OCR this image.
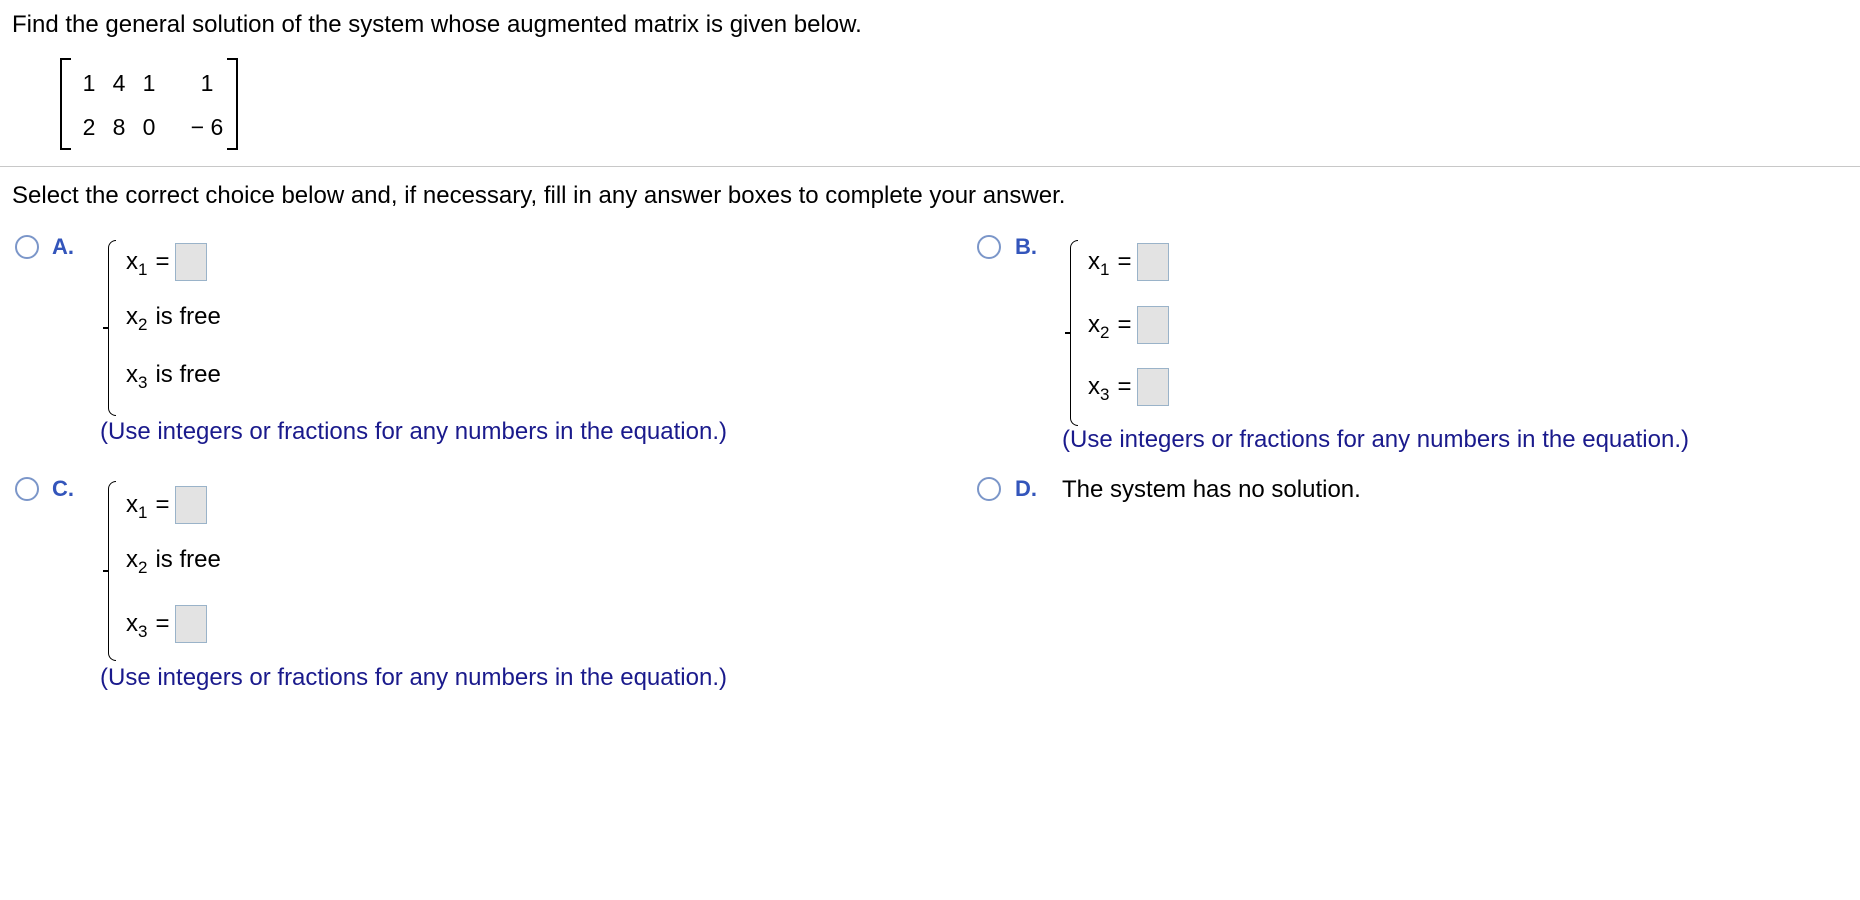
Find the general solution of the system whose augmented matrix is given below.
1 4 1 1
2 8 0	− 6
Select the correct choice below and, if necessary, fill in any answer boxes to complete your answer.
A.
$x_1$ =
$x_2$ is free
$x_3$ is free
(Use integers or fractions for any numbers in the equation.)
B.
$x_1$ =
$x_2$ =
$x_3$ =
(Use integers or fractions for any numbers in the equation.)
C.
$x_1$ =
$x_2$ is free
$x_3$ =
(Use integers or fractions for any numbers in the equation.)
D. The system has no solution.
